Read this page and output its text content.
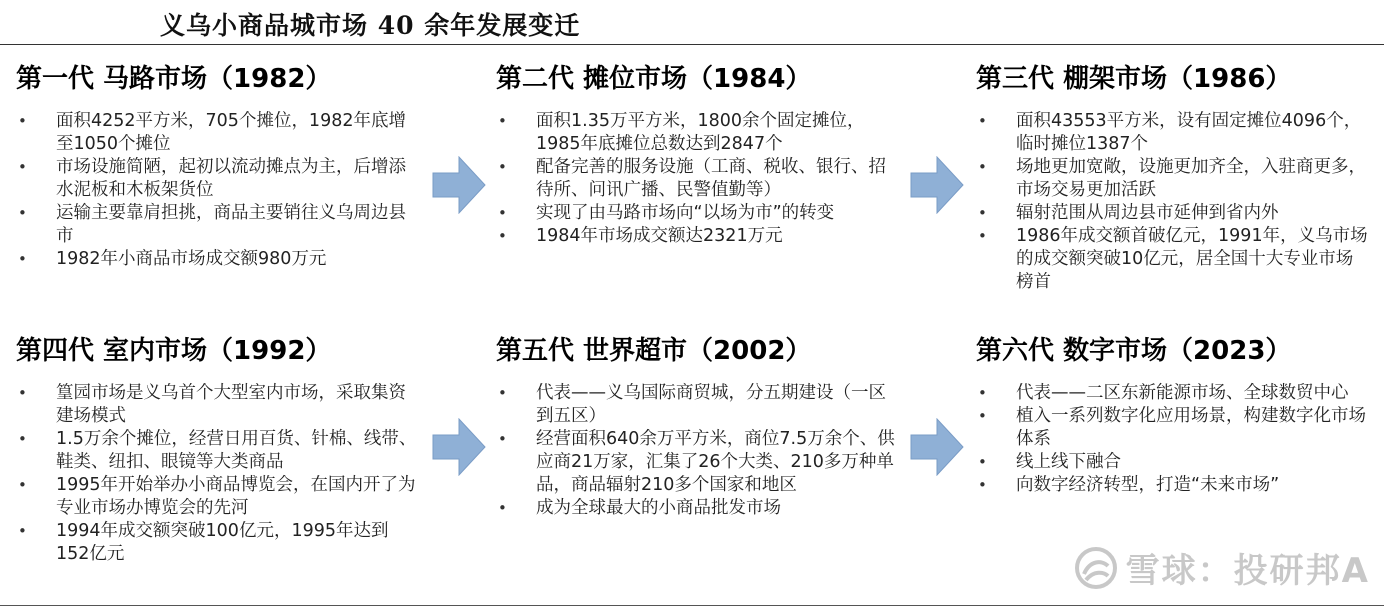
义乌小商品城市场 40 余年发展变迁
第一代 马路市场（1982）
• 面积4252平方米，705个摊位，1982年底增至1050个摊位
• 市场设施简陋，起初以流动摊点为主，后增添水泥板和木板架货位
• 运输主要靠肩担挑，商品主要销往义乌周边县市
• 1982年小商品市场成交额980万元
第二代 摊位市场（1984）
• 面积1.35万平方米，1800余个固定摊位，1985年底摊位总数达到2847个
• 配备完善的服务设施（工商、税收、银行、招待所、问讯广播、民警值勤等）
• 实现了由马路市场向“以场为市”的转变
• 1984年市场成交额达2321万元
第三代 棚架市场（1986）
• 面积43553平方米，设有固定摊位4096个，临时摊位1387个
• 场地更加宽敞，设施更加齐全，入驻商更多，市场交易更加活跃
• 辐射范围从周边县市延伸到省内外
• 1986年成交额首破亿元，1991年，义乌市场的成交额突破10亿元，居全国十大专业市场榜首
第四代 室内市场（1992）
• 篁园市场是义乌首个大型室内市场，采取集资建场模式
• 1.5万余个摊位，经营日用百货、针棉、线带、鞋类、纽扣、眼镜等大类商品
• 1995年开始举办小商品博览会，在国内开了为专业市场办博览会的先河
• 1994年成交额突破100亿元，1995年达到152亿元
第五代 世界超市（2002）
• 代表——义乌国际商贸城，分五期建设（一区到五区）
• 经营面积640余万平方米，商位7.5万余个、供应商21万家，汇集了26个大类、210多万种单品，商品辐射210多个国家和地区
• 成为全球最大的小商品批发市场
第六代 数字市场（2023）
• 代表——二区东新能源市场、全球数贸中心
• 植入一系列数字化应用场景，构建数字化市场体系
• 线上线下融合
• 向数字经济转型，打造“未来市场”
雪球：投研邦A
